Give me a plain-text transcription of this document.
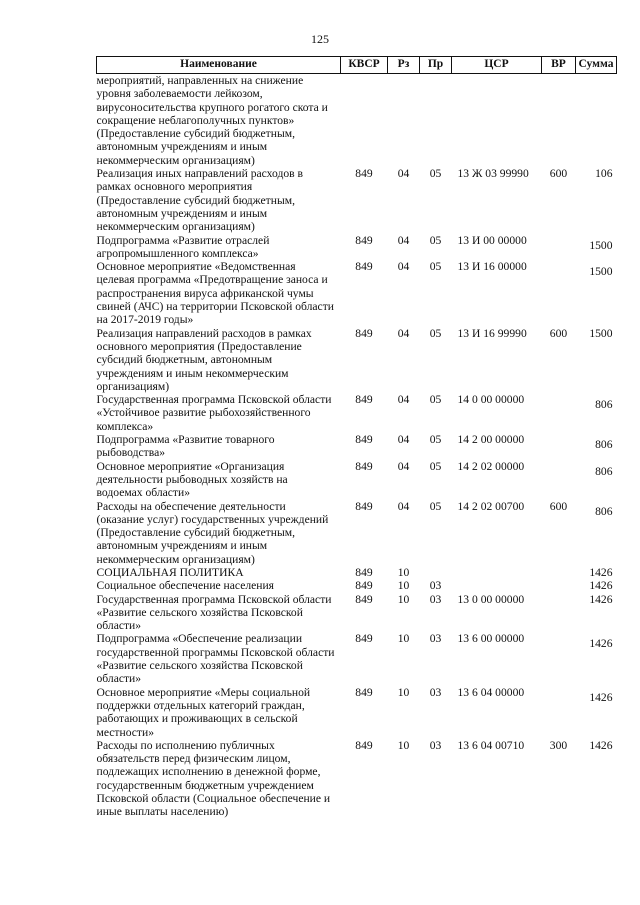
125
Наименование	КВСР	Рз	Пр	ЦСР	ВР	Сумма
мероприятий, направленных на снижение уровня заболеваемости лейкозом, вирусоносительства крупного рогатого скота и сокращение неблагополучных пунктов» (Предоставление субсидий бюджетным, автономным учреждениям и иным некоммерческим организациям)						
Реализация иных направлений расходов в рамках основного мероприятия (Предоставление субсидий бюджетным, автономным учреждениям и иным некоммерческим организациям)	849	04	05	13 Ж 03 99990	600	106
Подпрограмма «Развитие отраслей агропромышленного комплекса»	849	04	05	13 И 00 00000		1500
Основное мероприятие «Ведомственная целевая программа «Предотвращение заноса и распространения вируса африканской чумы свиней (АЧС) на территории Псковской области на 2017-2019 годы»	849	04	05	13 И 16 00000		1500
Реализация направлений расходов в рамках основного мероприятия (Предоставление субсидий бюджетным, автономным учреждениям и иным некоммерческим организациям)	849	04	05	13 И 16 99990	600	1500
Государственная программа Псковской области «Устойчивое развитие рыбохозяйственного комплекса»	849	04	05	14 0 00 00000		806
Подпрограмма «Развитие товарного рыбоводства»	849	04	05	14 2 00 00000		806
Основное мероприятие «Организация деятельности рыбоводных хозяйств на водоемах области»	849	04	05	14 2 02 00000		806
Расходы на обеспечение деятельности (оказание услуг) государственных учреждений (Предоставление субсидий бюджетным, автономным учреждениям и иным некоммерческим организациям)	849	04	05	14 2 02 00700	600	806
СОЦИАЛЬНАЯ ПОЛИТИКА	849	10				1426
Социальное обеспечение населения	849	10	03			1426
Государственная программа Псковской области «Развитие сельского хозяйства Псковской области»	849	10	03	13 0 00 00000		1426
Подпрограмма «Обеспечение реализации государственной программы Псковской области «Развитие сельского хозяйства Псковской области»	849	10	03	13 6 00 00000		1426
Основное мероприятие «Меры социальной поддержки отдельных категорий граждан, работающих и проживающих в сельской местности»	849	10	03	13 6 04 00000		1426
Расходы по исполнению публичных обязательств перед физическим лицом, подлежащих исполнению в денежной форме, государственным бюджетным учреждением Псковской области (Социальное обеспечение и иные выплаты населению)	849	10	03	13 6 04 00710	300	1426
